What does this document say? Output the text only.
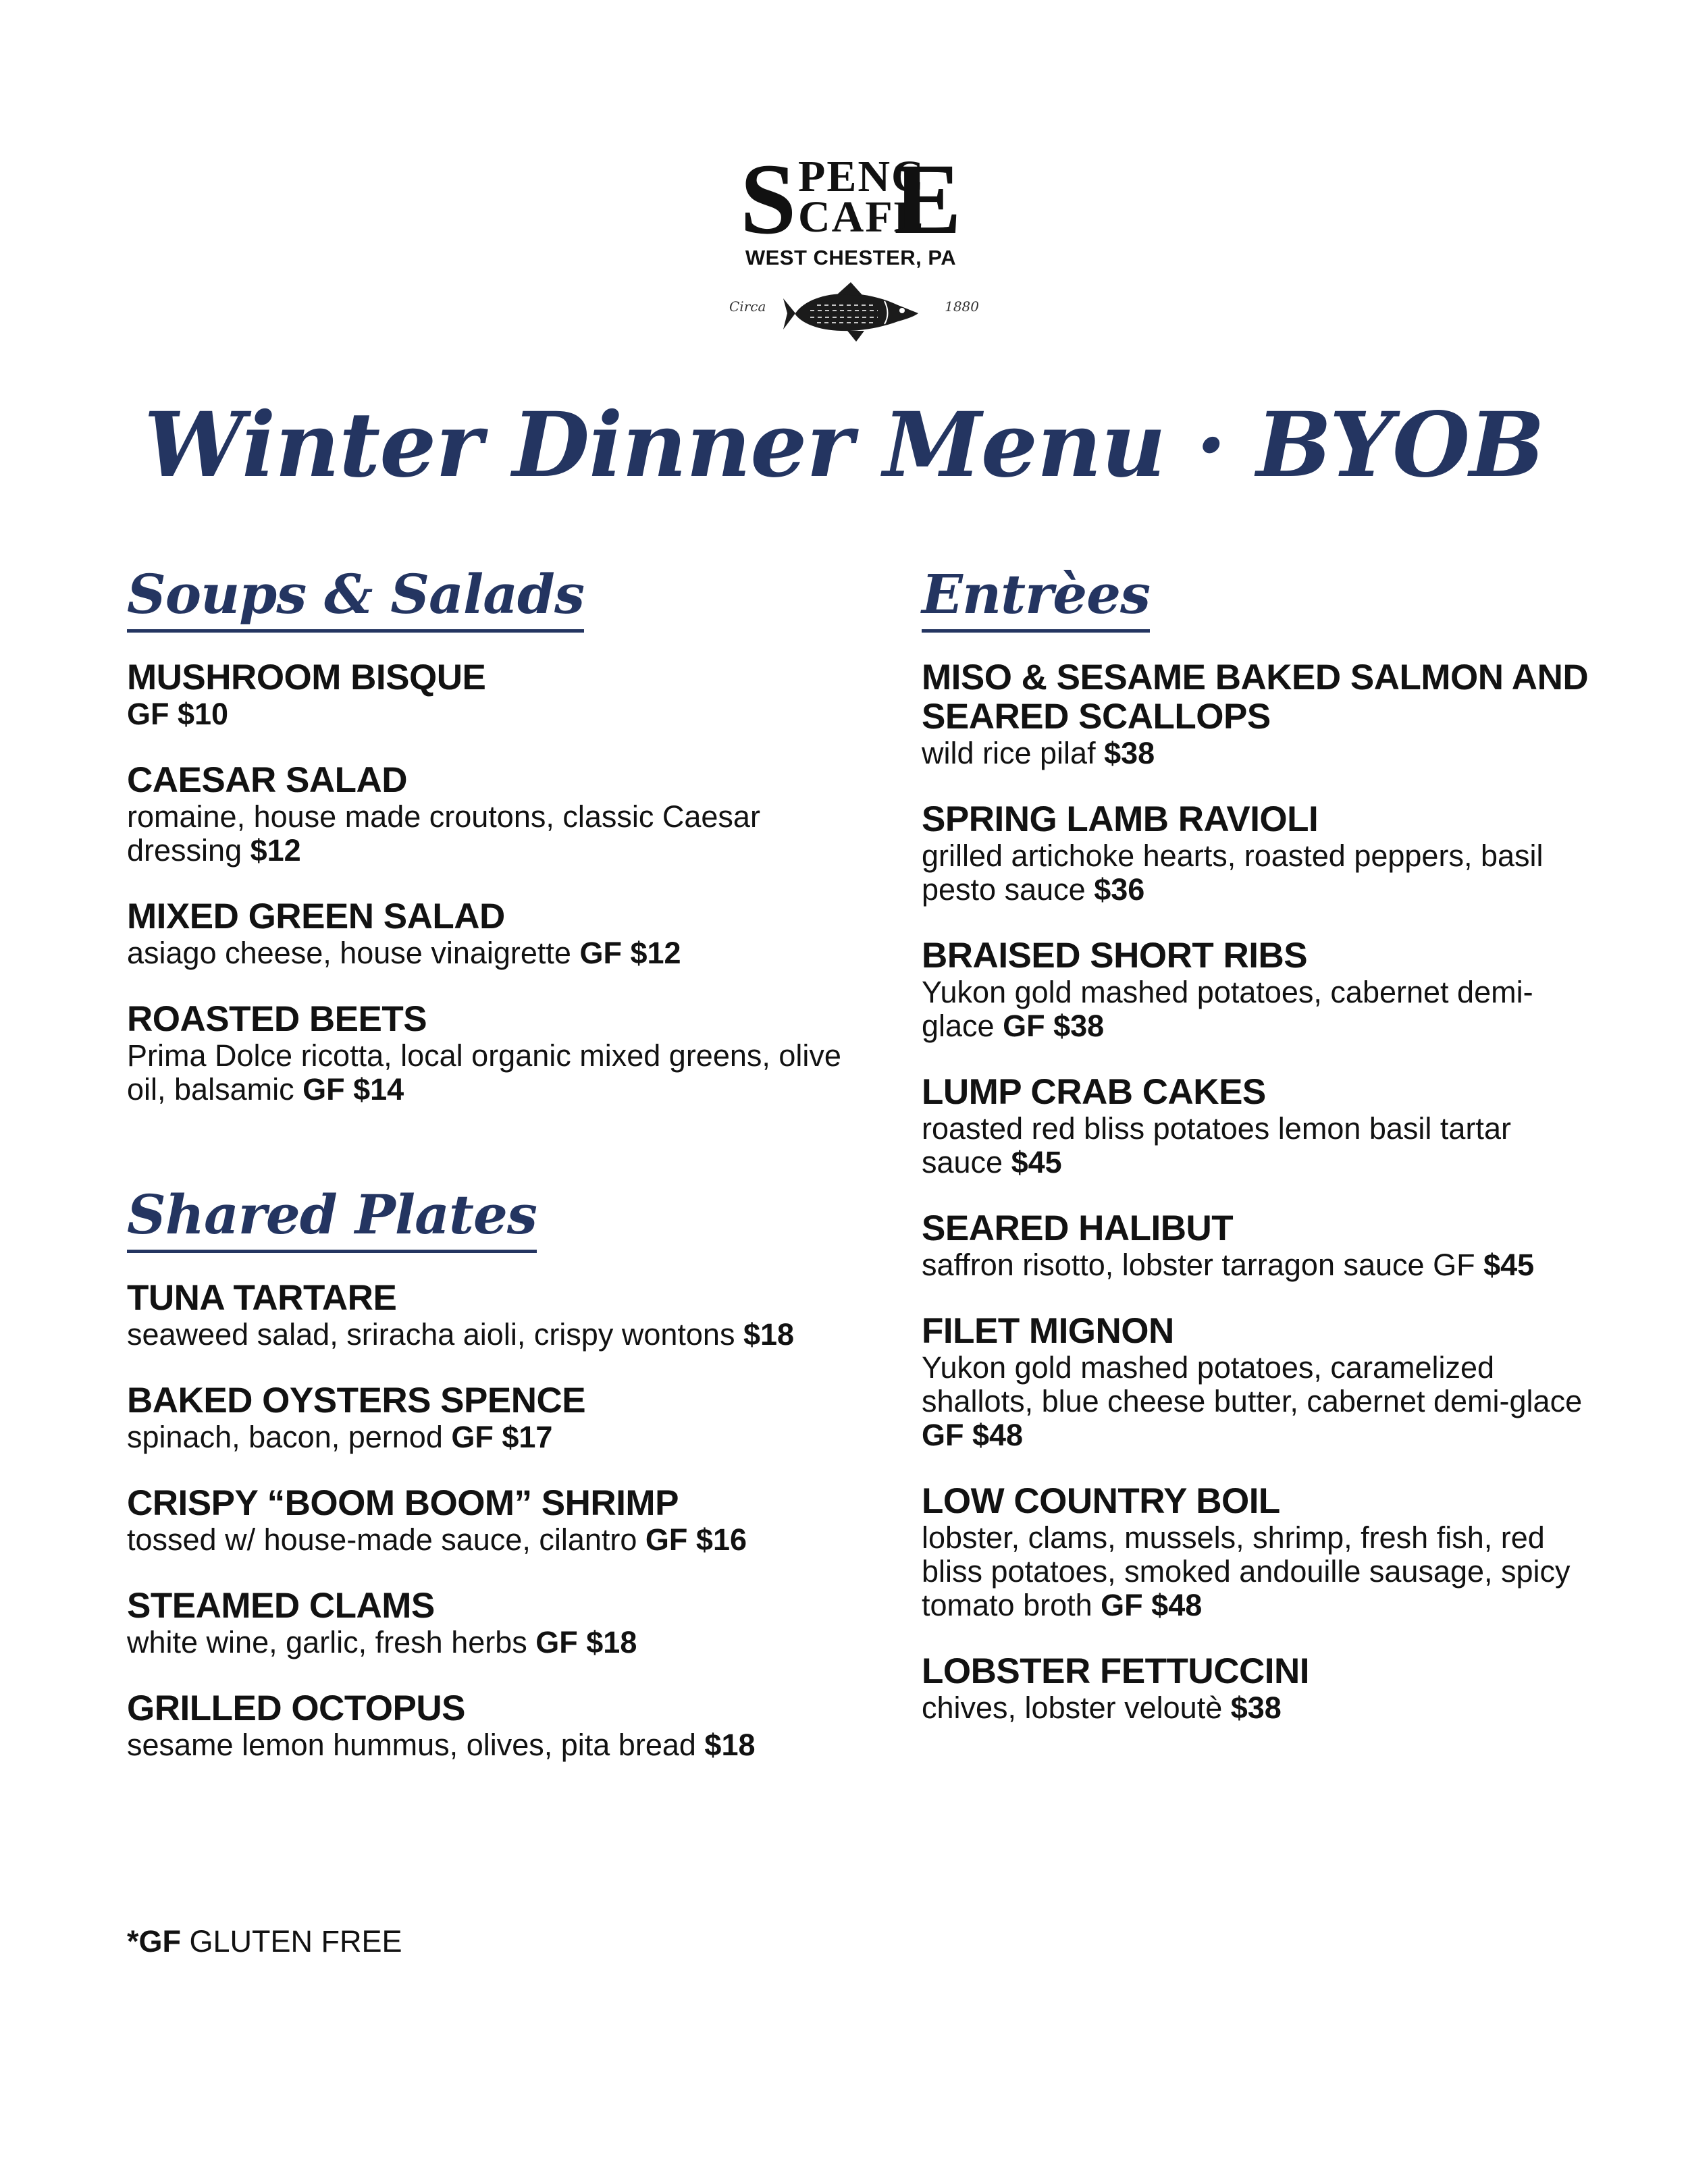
S PENC
CAFE
E
WEST CHESTER, PA
Circa	1880
Winter Dinner Menu · BYOB
Soups & Salads
MUSHROOM BISQUE
GF $10
CAESAR SALAD
romaine, house made croutons, classic Caesar dressing $12
MIXED GREEN SALAD
asiago cheese, house vinaigrette GF $12
ROASTED BEETS
Prima Dolce ricotta, local organic mixed greens, olive oil, balsamic GF $14
Shared Plates
TUNA TARTARE
seaweed salad, sriracha aioli, crispy wontons $18
BAKED OYSTERS SPENCE
spinach, bacon, pernod GF $17
CRISPY “BOOM BOOM” SHRIMP
tossed w/ house-made sauce, cilantro GF $16
STEAMED CLAMS
white wine, garlic, fresh herbs GF $18
GRILLED OCTOPUS
sesame lemon hummus, olives, pita bread $18
Entrèes
MISO & SESAME BAKED SALMON AND SEARED SCALLOPS
wild rice pilaf $38
SPRING LAMB RAVIOLI
grilled artichoke hearts, roasted peppers, basil pesto sauce $36
BRAISED SHORT RIBS
Yukon gold mashed potatoes, cabernet demi-glace GF $38
LUMP CRAB CAKES
roasted red bliss potatoes lemon basil tartar sauce $45
SEARED HALIBUT
saffron risotto, lobster tarragon sauce GF $45
FILET MIGNON
Yukon gold mashed potatoes, caramelized shallots, blue cheese butter, cabernet demi-glace GF $48
LOW COUNTRY BOIL
lobster, clams, mussels, shrimp, fresh fish, red bliss potatoes, smoked andouille sausage, spicy tomato broth GF $48
LOBSTER FETTUCCINI
chives, lobster veloutè $38
*GF GLUTEN FREE
